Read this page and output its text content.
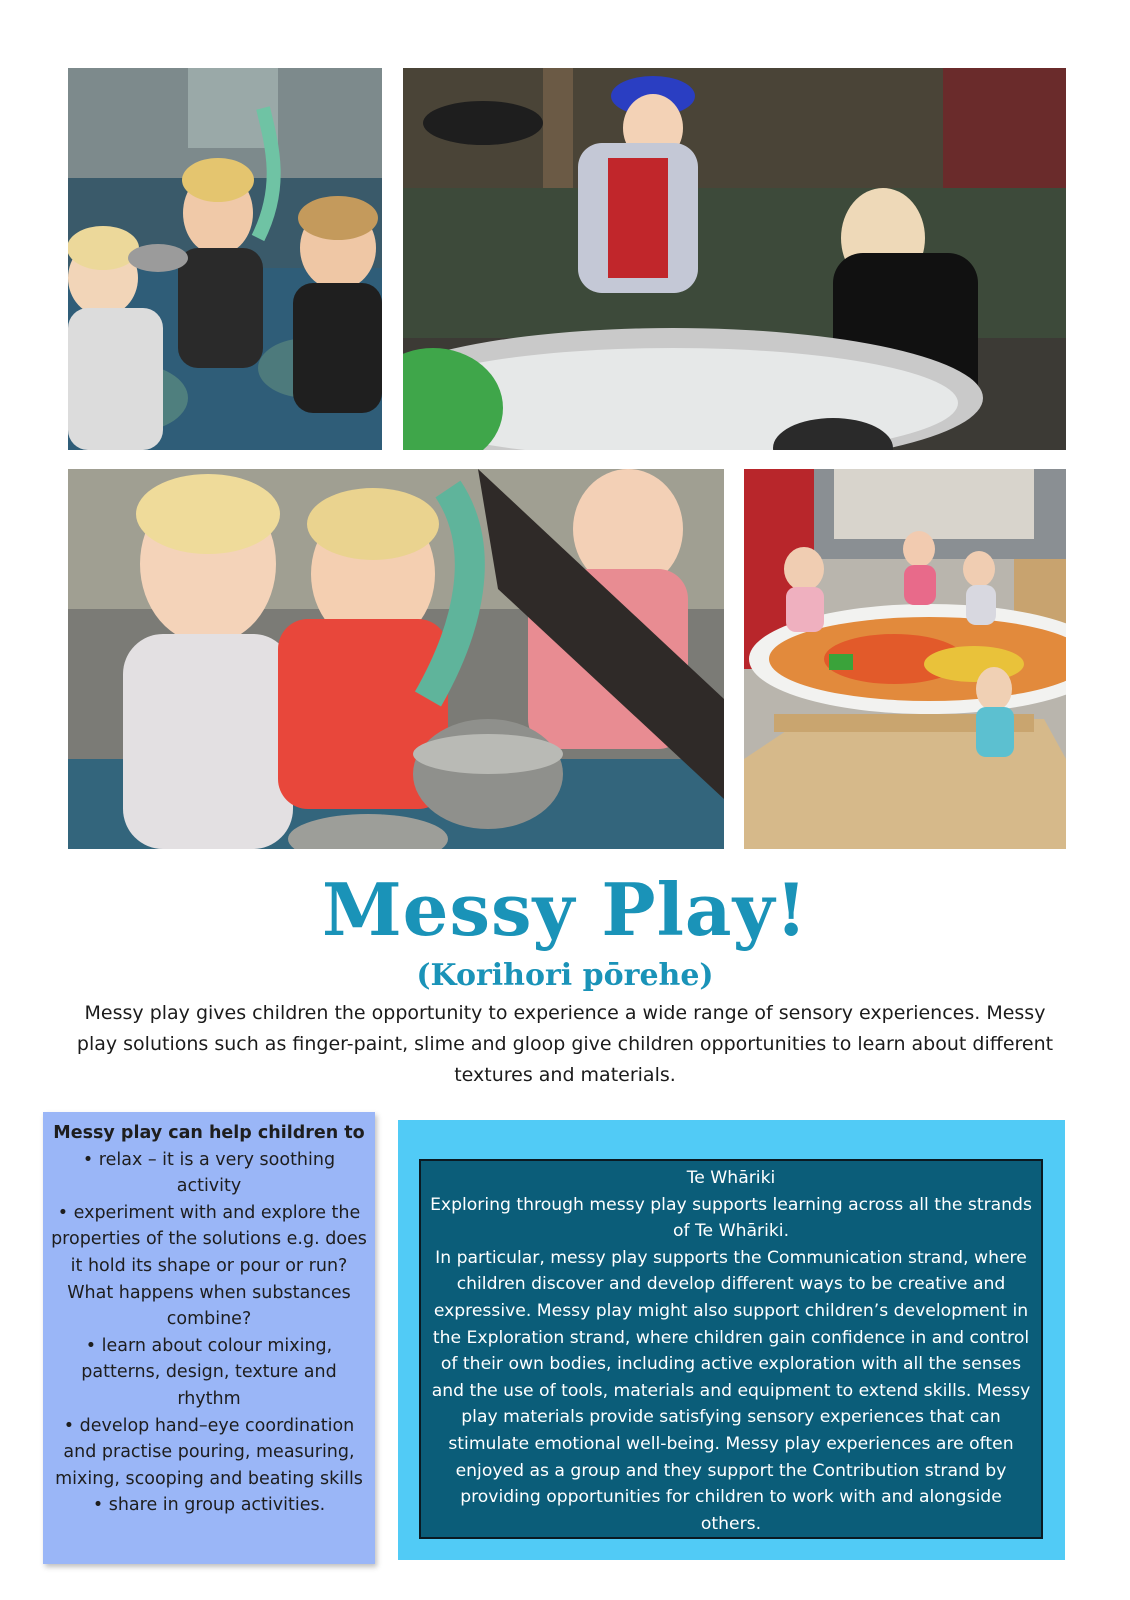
Messy Play!
(Korihori pōrehe)
Messy play gives children the opportunity to experience a wide range of sensory experiences. Messy play solutions such as finger-paint, slime and gloop give children opportunities to learn about different textures and materials.
Messy play can help children to
• relax – it is a very soothing activity
• experiment with and explore the properties of the solutions e.g. does it hold its shape or pour or run? What happens when substances combine?
• learn about colour mixing, patterns, design, texture and rhythm
• develop hand–eye coordination and practise pouring, measuring, mixing, scooping and beating skills
• share in group activities.

Te Whāriki

Exploring through messy play supports learning across all the strands of Te Whāriki.

In particular, messy play supports the Communication strand, where children discover and develop different ways to be creative and expressive. Messy play might also support children’s development in the Exploration strand, where children gain confidence in and control of their own bodies, including active exploration with all the senses and the use of tools, materials and equipment to extend skills. Messy play materials provide satisfying sensory experiences that can stimulate emotional well-being. Messy play experiences are often enjoyed as a group and they support the Contribution strand by providing opportunities for children to work with and alongside others.
